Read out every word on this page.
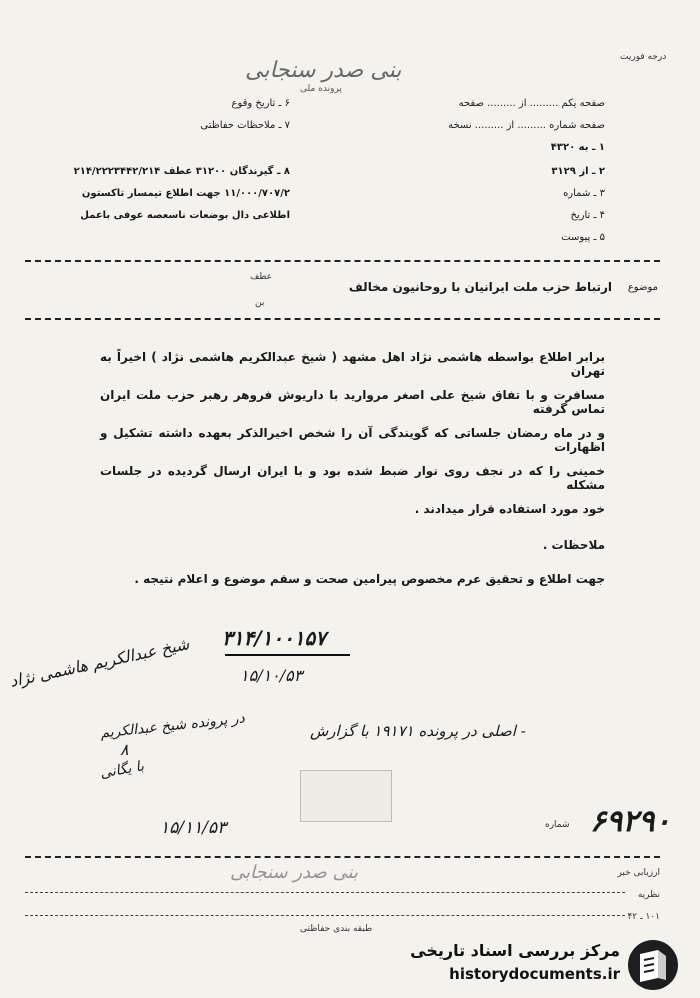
درجه فوریت
بنی صدر سنجابی
پرونده ملی
صفحه یکم ......... از ......... صفحه
صفحه شماره ......... از ......... نسخه
۱ ـ به ۴۳۲۰
۲ ـ از ۳۱۲۹
۳ ـ شماره
۴ ـ تاریخ
۵ ـ پیوست
۶ ـ تاریخ وقوع
۷ ـ ملاحظات حفاظتی
۸ ـ گیرندگان ۳۱۲۰۰ عطف ۲۱۴/۲۲۲۳۴۴۲/۲۱۴
۱۱/۰۰۰/۷۰۷/۲ جهت اطلاع تیمسار تاکستون
اطلاعی دال بوضعات ناسعصه عوفی باعمل
موضوع
ارتباط حزب ملت ایرانیان با روحانیون مخالف
عطف
بن
برابر اطلاع بواسطه هاشمی نژاد اهل مشهد ( شیخ عبدالکریم هاشمی نژاد ) اخیراً به تهران
مسافرت و با تفاق شیخ علی اصغر مروارید با داریوش فروهر رهبر حزب ملت ایران تماس گرفته
و در ماه رمضان جلساتی که گویندگی آن را شخص اخیرالذکر بعهده داشته تشکیل و اظهارات
خمینی را که در نجف روی نوار ضبط شده بود و با ایران ارسال گردیده در جلسات مشکله
خود مورد استفاده قرار میدادند .
ملاحظات .
جهت اطلاع و تحقیق عرم مخصوص پیرامین صحت و سقم موضوع و اعلام نتیجه .
۳۱۴/۱۰۰۱۵۷
۱۵/۱۰/۵۳
شیخ عبدالکریم هاشمی نژاد
در پرونده شیخ عبدالکریم	اصلی در پرونده ۱۹۱۷۱ با گزارش -
۸
با یگانی
۱۵/۱۱/۵۳	۶۹۲۹۰
شماره
بنی صدر سنجابی	ارزیابی خبر
نظریه
۱۰۱ ـ ۴۲
طبقه بندی حفاظتی
مرکز بررسی اسناد تاریخی
historydocuments.ir
